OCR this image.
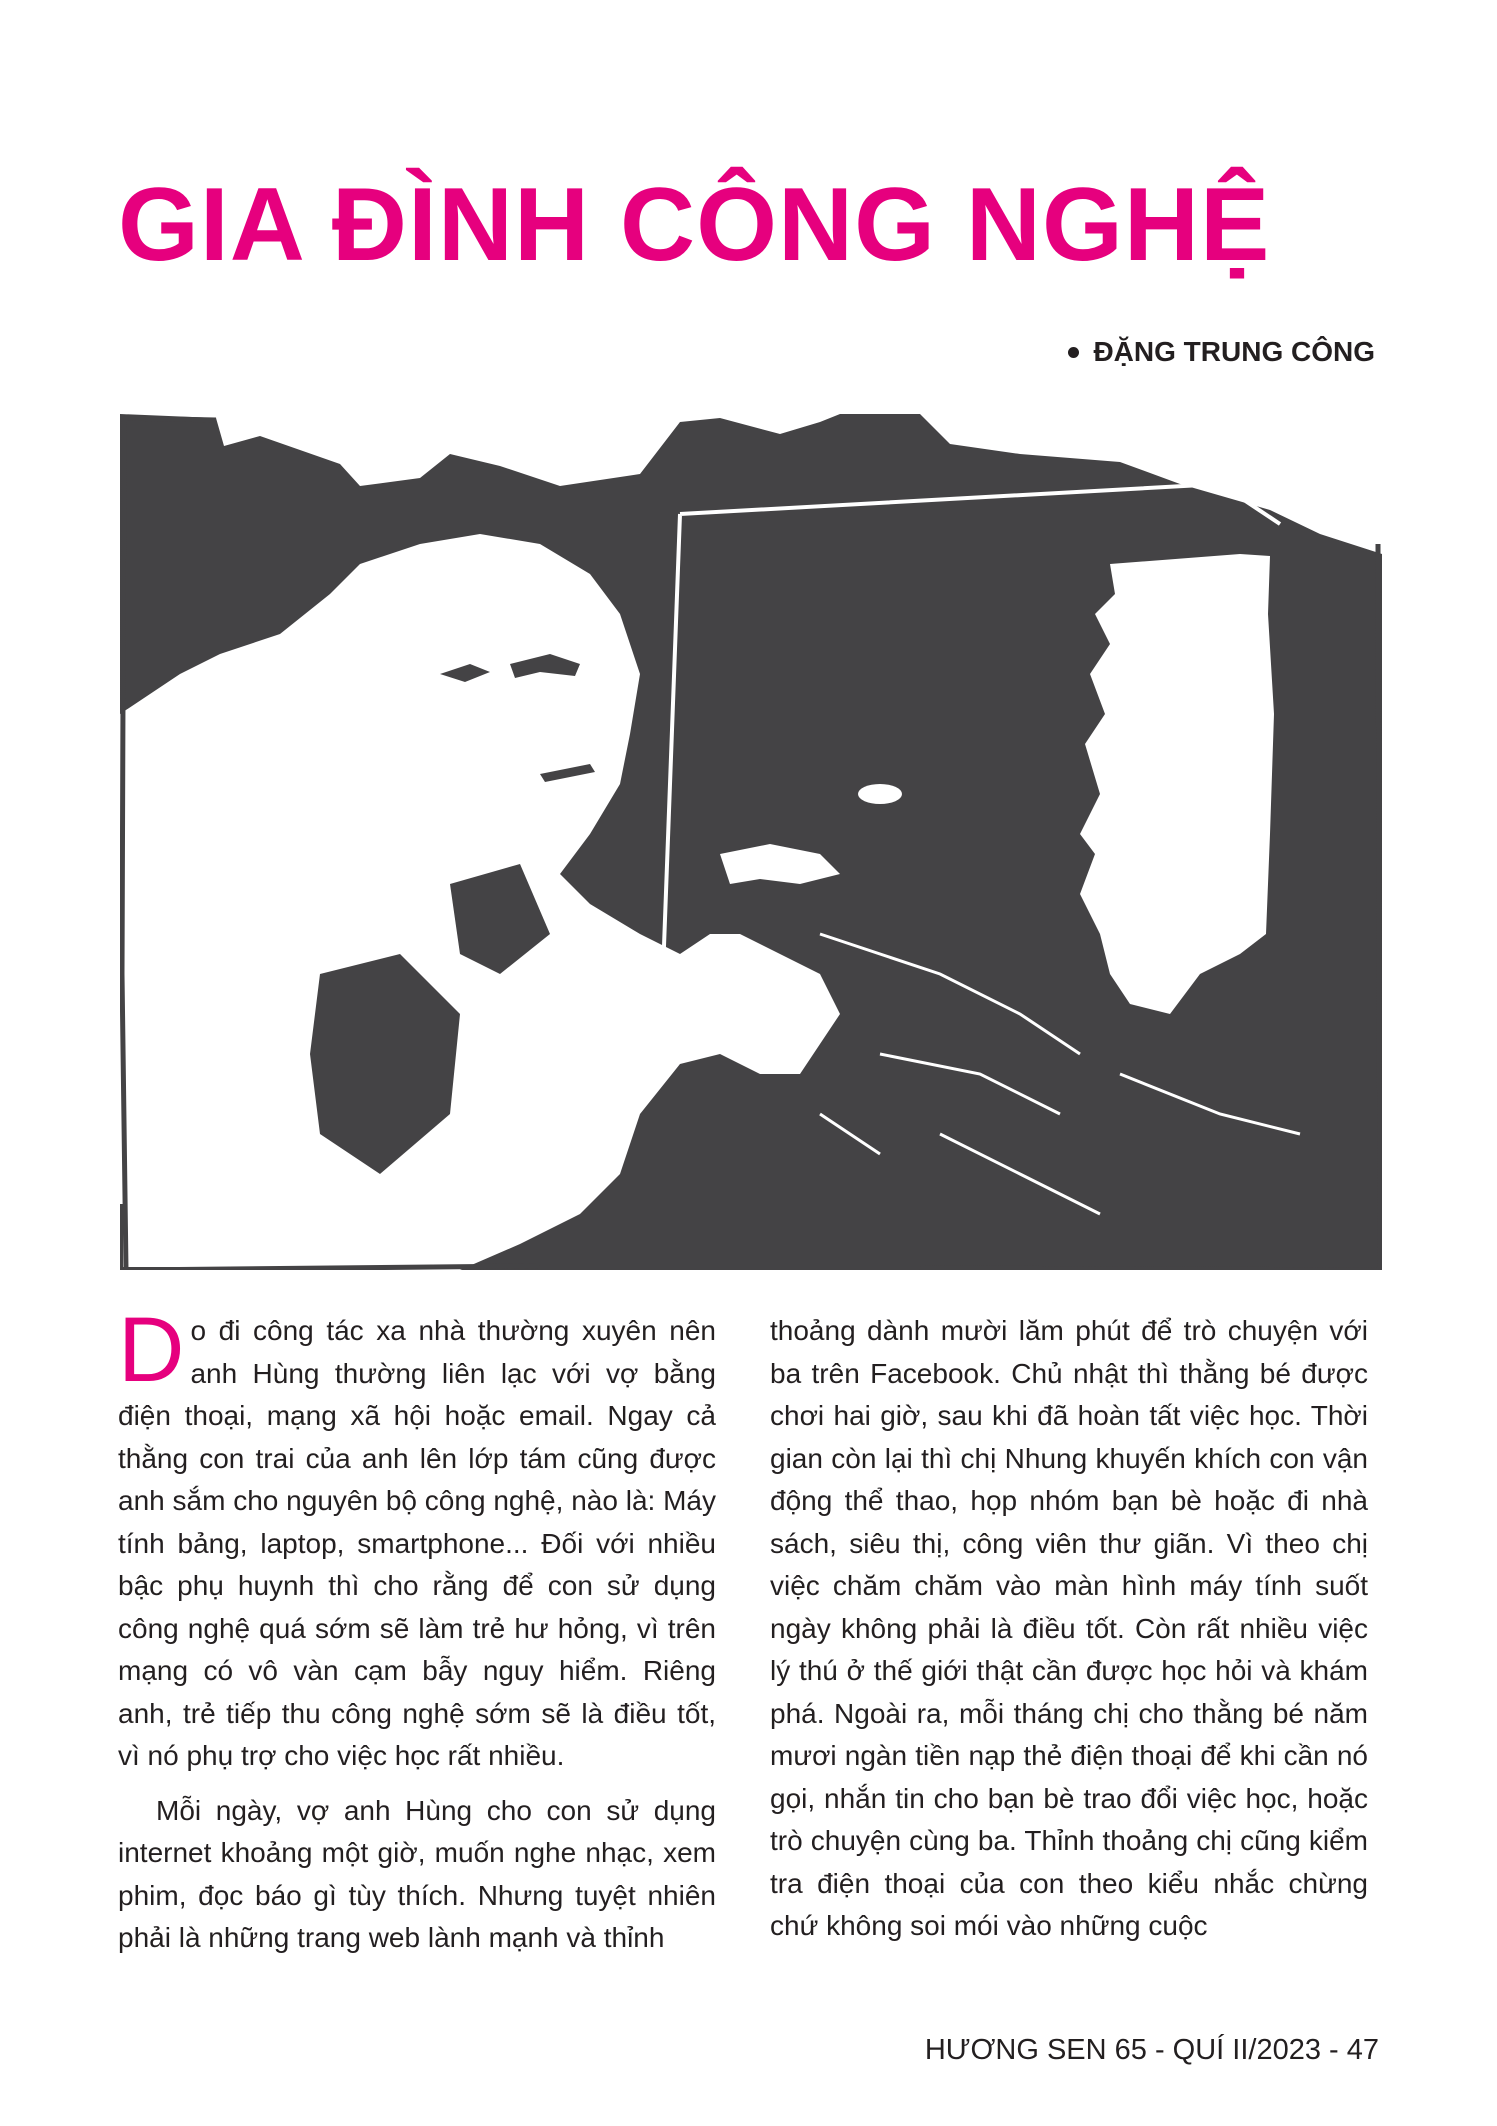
GIA ĐÌNH CÔNG NGHỆ
ĐẶNG TRUNG CÔNG

Do đi công tác xa nhà thường xuyên nên anh Hùng thường liên lạc với vợ bằng điện thoại, mạng xã hội hoặc email. Ngay cả thằng con trai của anh lên lớp tám cũng được anh sắm cho nguyên bộ công nghệ, nào là: Máy tính bảng, laptop, smartphone... Đối với nhiều bậc phụ huynh thì cho rằng để con sử dụng công nghệ quá sớm sẽ làm trẻ hư hỏng, vì trên mạng có vô vàn cạm bẫy nguy hiểm. Riêng anh, trẻ tiếp thu công nghệ sớm sẽ là điều tốt, vì nó phụ trợ cho việc học rất nhiều.

Mỗi ngày, vợ anh Hùng cho con sử dụng internet khoảng một giờ, muốn nghe nhạc, xem phim, đọc báo gì tùy thích. Nhưng tuyệt nhiên phải là những trang web lành mạnh và thỉnh

thoảng dành mười lăm phút để trò chuyện với ba trên Facebook. Chủ nhật thì thằng bé được chơi hai giờ, sau khi đã hoàn tất việc học. Thời gian còn lại thì chị Nhung khuyến khích con vận động thể thao, họp nhóm bạn bè hoặc đi nhà sách, siêu thị, công viên thư giãn. Vì theo chị việc chăm chăm vào màn hình máy tính suốt ngày không phải là điều tốt. Còn rất nhiều việc lý thú ở thế giới thật cần được học hỏi và khám phá. Ngoài ra, mỗi tháng chị cho thằng bé năm mươi ngàn tiền nạp thẻ điện thoại để khi cần nó gọi, nhắn tin cho bạn bè trao đổi việc học, hoặc trò chuyện cùng ba. Thỉnh thoảng chị cũng kiểm tra điện thoại của con theo kiểu nhắc chừng chứ không soi mói vào những cuộc

HƯƠNG SEN 65 - QUÍ II/2023 - 47
